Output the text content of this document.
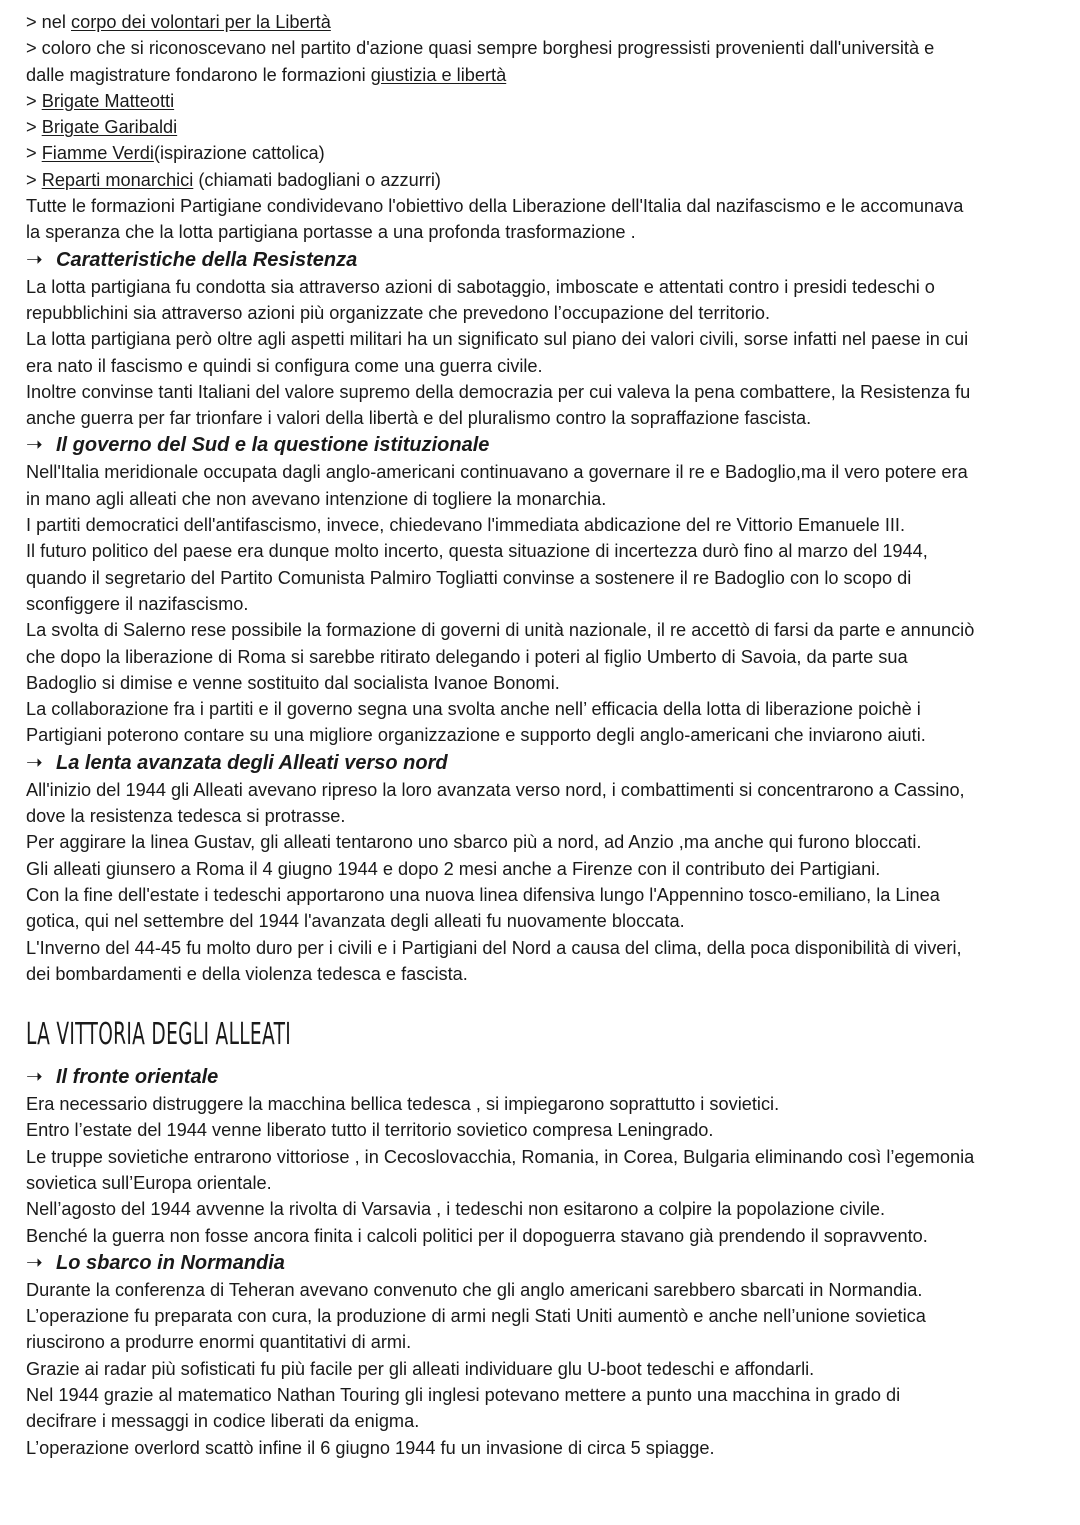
> nel corpo dei volontari per la Libertà
> coloro che si riconoscevano nel partito d'azione quasi sempre borghesi progressisti provenienti dall'università e
dalle magistrature fondarono le formazioni giustizia e libertà
> Brigate Matteotti
> Brigate Garibaldi
> Fiamme Verdi(ispirazione cattolica)
> Reparti monarchici (chiamati badogliani o azzurri)
Tutte le formazioni Partigiane condividevano l'obiettivo della Liberazione dell'Italia dal nazifascismo e le accomunava
la speranza che la lotta partigiana portasse a una profonda trasformazione .
➝ Caratteristiche della Resistenza
La lotta partigiana fu condotta sia attraverso azioni di sabotaggio, imboscate e attentati contro i presidi tedeschi o
repubblichini sia attraverso azioni più organizzate che prevedono l’occupazione del territorio.
La lotta partigiana però oltre agli aspetti militari ha un significato sul piano dei valori civili, sorse infatti nel paese in cui
era nato il fascismo e quindi si configura come una guerra civile.
Inoltre convinse tanti Italiani del valore supremo della democrazia per cui valeva la pena combattere, la Resistenza fu
anche guerra per far trionfare i valori della libertà e del pluralismo contro la sopraffazione fascista.
➝ Il governo del Sud e la questione istituzionale
Nell'Italia meridionale occupata dagli anglo-americani continuavano a governare il re e Badoglio,ma il vero potere era
in mano agli alleati che non avevano intenzione di togliere la monarchia.
I partiti democratici dell'antifascismo, invece, chiedevano l'immediata abdicazione del re Vittorio Emanuele III.
Il futuro politico del paese era dunque molto incerto, questa situazione di incertezza durò fino al marzo del 1944,
quando il segretario del Partito Comunista Palmiro Togliatti convinse a sostenere il re Badoglio con lo scopo di
sconfiggere il nazifascismo.
La svolta di Salerno rese possibile la formazione di governi di unità nazionale, il re accettò di farsi da parte e annunciò
che dopo la liberazione di Roma si sarebbe ritirato delegando i poteri al figlio Umberto di Savoia, da parte sua
Badoglio si dimise e venne sostituito dal socialista Ivanoe Bonomi.
La collaborazione fra i partiti e il governo segna una svolta anche nell’ efficacia della lotta di liberazione poichè i
Partigiani poterono contare su una migliore organizzazione e supporto degli anglo-americani che inviarono aiuti.
➝ La lenta avanzata degli Alleati verso nord
All'inizio del 1944 gli Alleati avevano ripreso la loro avanzata verso nord, i combattimenti si concentrarono a Cassino,
dove la resistenza tedesca si protrasse.
Per aggirare la linea Gustav, gli alleati tentarono uno sbarco più a nord, ad Anzio ,ma anche qui furono bloccati.
Gli alleati giunsero a Roma il 4 giugno 1944 e dopo 2 mesi anche a Firenze con il contributo dei Partigiani.
Con la fine dell'estate i tedeschi apportarono una nuova linea difensiva lungo l'Appennino tosco-emiliano, la Linea
gotica, qui nel settembre del 1944 l'avanzata degli alleati fu nuovamente bloccata.
L'Inverno del 44-45 fu molto duro per i civili e i Partigiani del Nord a causa del clima, della poca disponibilità di viveri,
dei bombardamenti e della violenza tedesca e fascista.
LA VITTORIA DEGLI ALLEATI
➝ Il fronte orientale
Era necessario distruggere la macchina bellica tedesca , si impiegarono soprattutto i sovietici.
Entro l’estate del 1944 venne liberato tutto il territorio sovietico compresa Leningrado.
Le truppe sovietiche entrarono vittoriose , in Cecoslovacchia, Romania, in Corea, Bulgaria eliminando così l’egemonia
sovietica sull’Europa orientale.
Nell’agosto del 1944 avvenne la rivolta di Varsavia , i tedeschi non esitarono a colpire la popolazione civile.
Benché la guerra non fosse ancora finita i calcoli politici per il dopoguerra stavano già prendendo il sopravvento.
➝ Lo sbarco in Normandia
Durante la conferenza di Teheran avevano convenuto che gli anglo americani sarebbero sbarcati in Normandia.
L’operazione fu preparata con cura, la produzione di armi negli Stati Uniti aumentò e anche nell’unione sovietica
riuscirono a produrre enormi quantitativi di armi.
Grazie ai radar più sofisticati fu più facile per gli alleati individuare glu U-boot tedeschi e affondarli.
Nel 1944 grazie al matematico Nathan Touring gli inglesi potevano mettere a punto una macchina in grado di
decifrare i messaggi in codice liberati da enigma.
L’operazione overlord scattò infine il 6 giugno 1944 fu un invasione di circa 5 spiagge.
